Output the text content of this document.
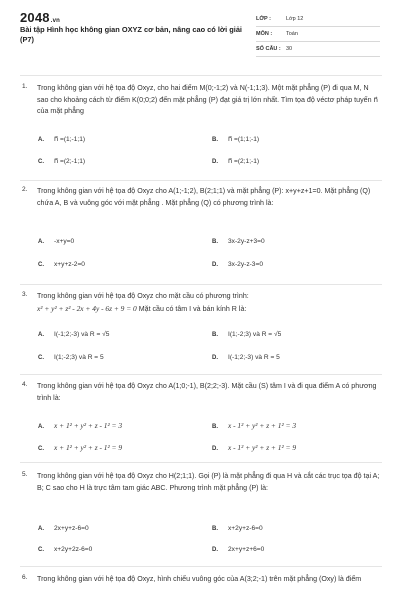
2048.vn
Bài tập Hình học không gian OXYZ cơ bản, nâng cao có lời giải (P7)
LỚP :	Lớp 12
MÔN :	Toán
SỐ CÂU : 30
1. Trong không gian với hệ tọa độ Oxyz, cho hai điểm M(0;-1;2) và N(-1;1;3). Một mặt phẳng (P) đi qua M, N sao cho khoảng cách từ điểm K(0;0;2) đến mặt phẳng (P) đạt giá trị lớn nhất. Tìm tọa độ véctơ pháp tuyến n⃗ của mặt phẳng
A. n⃗ =(1;-1;1)	B. n⃗ =(1;1;-1)
C. n⃗ =(2;-1;1)	D. n⃗ =(2;1;-1)
2. Trong không gian với hệ tọa độ Oxyz cho A(1;-1;2), B(2;1;1) và mặt phẳng (P): x+y+z+1=0. Mặt phẳng (Q) chứa A, B và vuông góc với mặt phẳng . Mặt phẳng (Q) có phương trình là:
A. -x+y=0	B. 3x-2y-z+3=0
C. x+y+z-2=0	D. 3x-2y-z-3=0
3. Trong không gian với hệ tọa độ Oxyz cho mặt cầu có phương trình:
x² + y² + z² - 2x + 4y - 6z + 9 = 0 Mặt cầu có tâm I và bán kính R là:
A. I(-1;2;-3) và R = √5	B. I(1;-2;3) và R = √5
C. I(1;-2;3) và R = 5	D. I(-1;2;-3) và R = 5
4. Trong không gian với hệ tọa độ Oxyz cho A(1;0;-1), B(2;2;-3). Mặt cầu (S) tâm I và đi qua điểm A có phương trình là:
A. x + 1² + y² + z - 1² = 3	B. x - 1² + y² + z + 1² = 3
C. x + 1² + y² + z - 1² = 9	D. x - 1² + y² + z + 1² = 9
5. Trong không gian với hệ tọa độ Oxyz cho H(2;1;1). Gọi (P) là mặt phẳng đi qua H và cắt các trục tọa độ tại A; B; C sao cho H là trực tâm tam giác ABC. Phương trình mặt phẳng (P) là:
A. 2x+y+z-6=0	B. x+2y+z-6=0
C. x+2y+2z-6=0	D. 2x+y+z+6=0
6. Trong không gian với hệ tọa độ Oxyz, hình chiếu vuông góc của A(3;2;-1) trên mặt phẳng (Oxy) là điểm
